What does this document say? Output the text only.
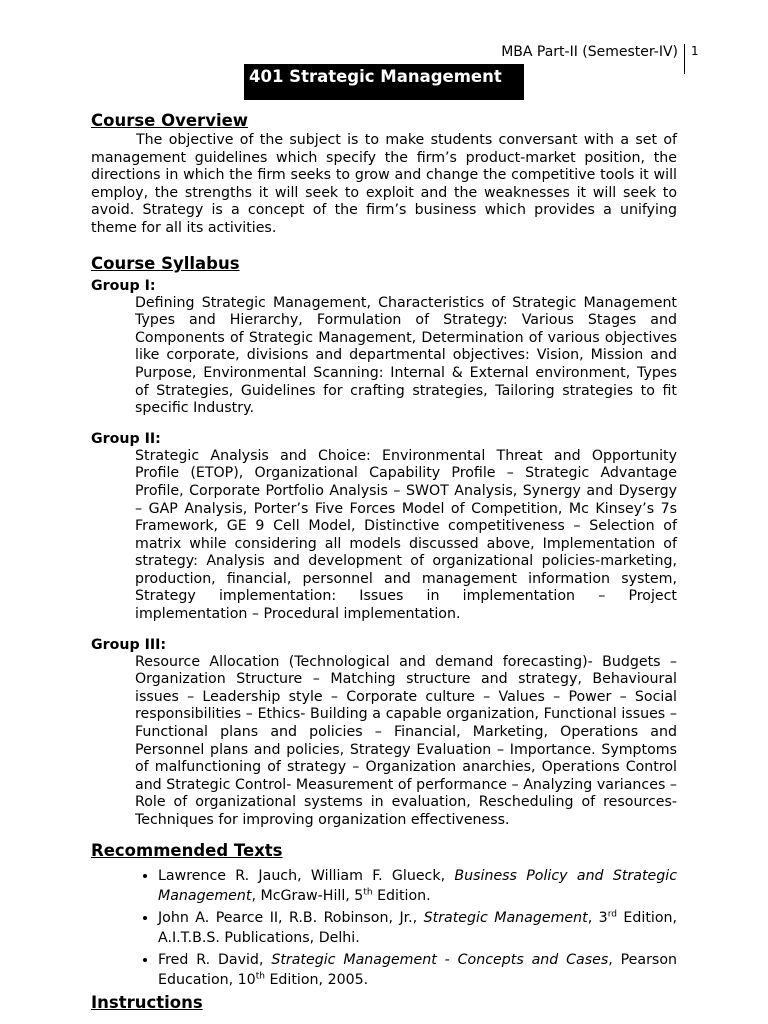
MBA Part-II (Semester-IV) 1
401 Strategic Management
Course Overview

The objective of the subject is to make students conversant with a set of management guidelines which specify the firm’s product-market position, the directions in which the firm seeks to grow and change the competitive tools it will employ, the strengths it will seek to exploit and the weaknesses it will seek to avoid. Strategy is a concept of the firm’s business which provides a unifying theme for all its activities.

Course Syllabus
Group I:

Defining Strategic Management, Characteristics of Strategic Management Types and Hierarchy, Formulation of Strategy: Various Stages and Components of Strategic Management, Determination of various objectives like corporate, divisions and departmental objectives: Vision, Mission and Purpose, Environmental Scanning: Internal & External environment, Types of Strategies, Guidelines for crafting strategies, Tailoring strategies to fit specific Industry.

Group II:

Strategic Analysis and Choice: Environmental Threat and Opportunity Profile (ETOP), Organizational Capability Profile – Strategic Advantage Profile, Corporate Portfolio Analysis – SWOT Analysis, Synergy and Dysergy – GAP Analysis, Porter’s Five Forces Model of Competition, Mc Kinsey’s 7s Framework, GE 9 Cell Model, Distinctive competitiveness – Selection of matrix while considering all models discussed above, Implementation of strategy: Analysis and development of organizational policies-marketing, production, financial, personnel and management information system, Strategy implementation: Issues in implementation – Project implementation – Procedural implementation.

Group III:

Resource Allocation (Technological and demand forecasting)- Budgets – Organization Structure – Matching structure and strategy, Behavioural issues – Leadership style – Corporate culture – Values – Power – Social responsibilities – Ethics- Building a capable organization, Functional issues – Functional plans and policies – Financial, Marketing, Operations and Personnel plans and policies, Strategy Evaluation – Importance. Symptoms of malfunctioning of strategy – Organization anarchies, Operations Control and Strategic Control- Measurement of performance – Analyzing variances – Role of organizational systems in evaluation, Rescheduling of resources-Techniques for improving organization effectiveness.

Recommended Texts
• Lawrence R. Jauch, William F. Glueck, Business Policy and Strategic Management, McGraw-Hill, 5th Edition.
• John A. Pearce II, R.B. Robinson, Jr., Strategic Management, 3rd Edition, A.I.T.B.S. Publications, Delhi.
• Fred R. David, Strategic Management - Concepts and Cases, Pearson Education, 10th Edition, 2005.
Instructions
